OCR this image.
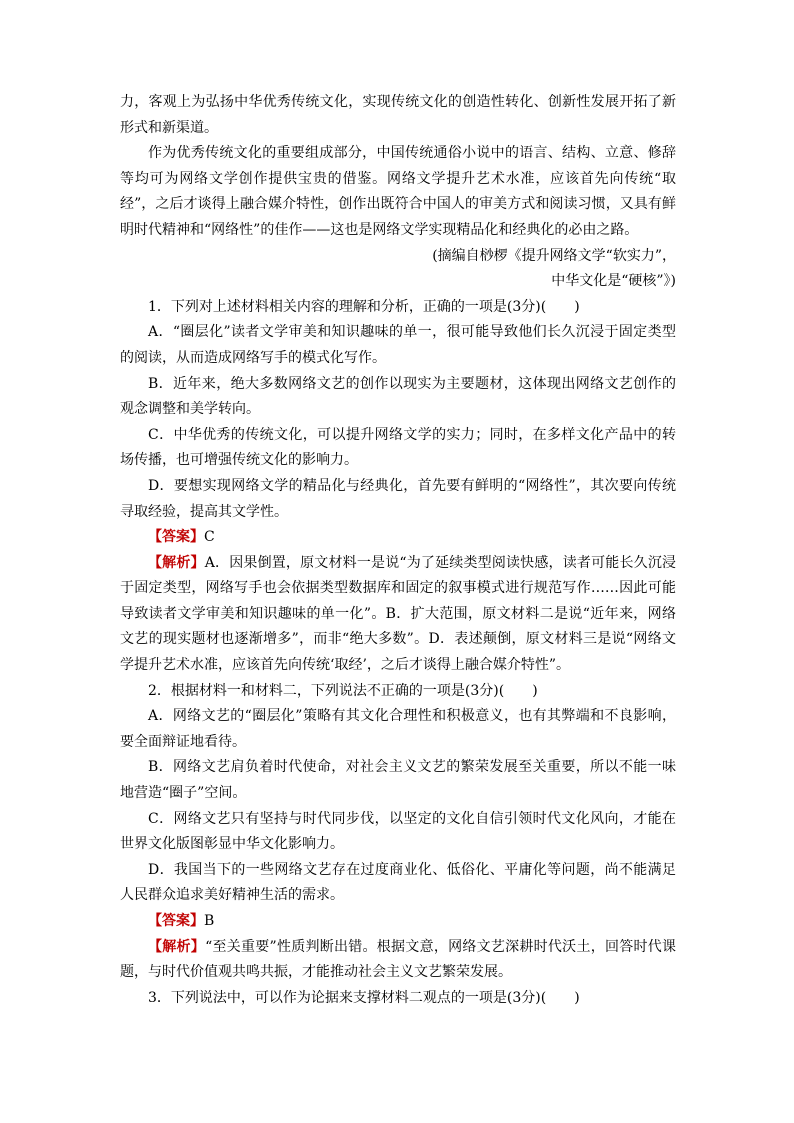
力，客观上为弘扬中华优秀传统文化，实现传统文化的创造性转化、创新性发展开拓了新形式和新渠道。

作为优秀传统文化的重要组成部分，中国传统通俗小说中的语言、结构、立意、修辞等均可为网络文学创作提供宝贵的借鉴。网络文学提升艺术水准，应该首先向传统“取经”，之后才谈得上融合媒介特性，创作出既符合中国人的审美方式和阅读习惯，又具有鲜明时代精神和“网络性”的佳作——这也是网络文学实现精品化和经典化的必由之路。

(摘编自桫椤《提升网络文学“软实力”，

中华文化是“硬核”》)

1．下列对上述材料相关内容的理解和分析，正确的一项是(3分)(　　)

A．“圈层化”读者文学审美和知识趣味的单一，很可能导致他们长久沉浸于固定类型的阅读，从而造成网络写手的模式化写作。

B．近年来，绝大多数网络文艺的创作以现实为主要题材，这体现出网络文艺创作的观念调整和美学转向。

C．中华优秀的传统文化，可以提升网络文学的实力；同时，在多样文化产品中的转场传播，也可增强传统文化的影响力。

D．要想实现网络文学的精品化与经典化，首先要有鲜明的“网络性”，其次要向传统寻取经验，提高其文学性。

【答案】C

【解析】A．因果倒置，原文材料一是说“为了延续类型阅读快感，读者可能长久沉浸于固定类型，网络写手也会依据类型数据库和固定的叙事模式进行规范写作……因此可能导致读者文学审美和知识趣味的单一化”。B．扩大范围，原文材料二是说“近年来，网络文艺的现实题材也逐渐增多”，而非“绝大多数”。D．表述颠倒，原文材料三是说“网络文学提升艺术水准，应该首先向传统‘取经’，之后才谈得上融合媒介特性”。

2．根据材料一和材料二，下列说法不正确的一项是(3分)(　　)

A．网络文艺的“圈层化”策略有其文化合理性和积极意义，也有其弊端和不良影响，要全面辩证地看待。

B．网络文艺肩负着时代使命，对社会主义文艺的繁荣发展至关重要，所以不能一味地营造“圈子”空间。

C．网络文艺只有坚持与时代同步伐，以坚定的文化自信引领时代文化风向，才能在世界文化版图彰显中华文化影响力。

D．我国当下的一些网络文艺存在过度商业化、低俗化、平庸化等问题，尚不能满足人民群众追求美好精神生活的需求。

【答案】B

【解析】“至关重要”性质判断出错。根据文意，网络文艺深耕时代沃土，回答时代课题，与时代价值观共鸣共振，才能推动社会主义文艺繁荣发展。

3．下列说法中，可以作为论据来支撑材料二观点的一项是(3分)(　　)
